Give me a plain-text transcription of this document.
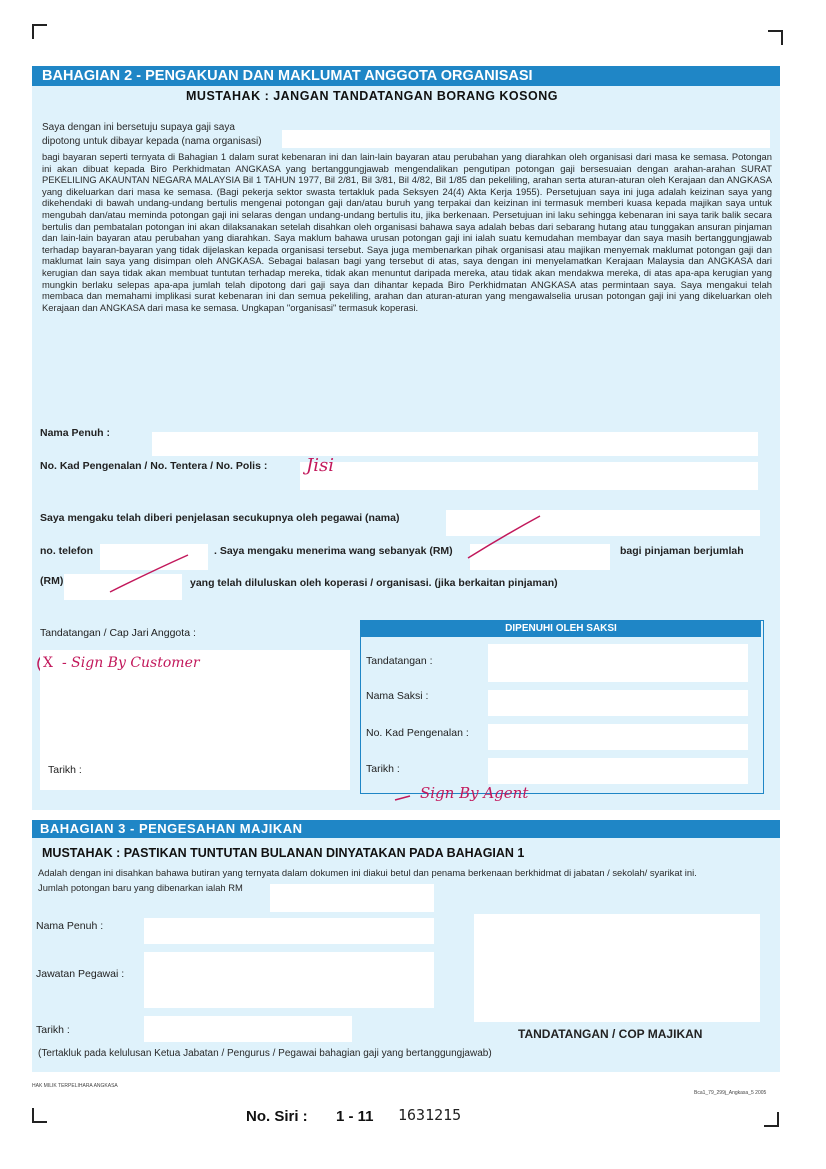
BAHAGIAN 2 - PENGAKUAN DAN MAKLUMAT ANGGOTA ORGANISASI
MUSTAHAK : JANGAN TANDATANGAN BORANG KOSONG
Saya dengan ini bersetuju supaya gaji saya
dipotong untuk dibayar kepada (nama organisasi)
bagi bayaran seperti ternyata di Bahagian 1 dalam surat kebenaran ini dan lain-lain bayaran atau perubahan yang diarahkan oleh organisasi dari masa ke semasa. Potongan ini akan dibuat kepada Biro Perkhidmatan ANGKASA yang bertanggungjawab mengendalikan pengutipan potongan gaji bersesuaian dengan arahan-arahan SURAT PEKELILING AKAUNTAN NEGARA MALAYSIA Bil 1 TAHUN 1977, Bil 2/81, Bil 3/81, Bil 4/82, Bil 1/85 dan pekeliling, arahan serta aturan-aturan oleh Kerajaan dan ANGKASA yang dikeluarkan dari masa ke semasa. (Bagi pekerja sektor swasta tertakluk pada Seksyen 24(4) Akta Kerja 1955). Persetujuan saya ini juga adalah keizinan saya yang dikehendaki di bawah undang-undang bertulis mengenai potongan gaji dan/atau buruh yang terpakai dan keizinan ini termasuk memberi kuasa kepada majikan saya untuk mengubah dan/atau meminda potongan gaji ini selaras dengan undang-undang bertulis itu, jika berkenaan. Persetujuan ini laku sehingga kebenaran ini saya tarik balik secara bertulis dan pembatalan potongan ini akan dilaksanakan setelah disahkan oleh organisasi bahawa saya adalah bebas dari sebarang hutang atau tunggakan ansuran pinjaman dan lain-lain bayaran atau perubahan yang diarahkan. Saya maklum bahawa urusan potongan gaji ini ialah suatu kemudahan membayar dan saya masih bertanggungjawab terhadap bayaran-bayaran yang tidak dijelaskan kepada organisasi tersebut. Saya juga membenarkan pihak organisasi atau majikan menyemak maklumat potongan gaji dan maklumat lain saya yang disimpan oleh ANGKASA. Sebagai balasan bagi yang tersebut di atas, saya dengan ini menyelamatkan Kerajaan Malaysia dan ANGKASA dari kerugian dan saya tidak akan membuat tuntutan terhadap mereka, tidak akan menuntut daripada mereka, atau tidak akan mendakwa mereka, di atas apa-apa kerugian yang mungkin berlaku selepas apa-apa jumlah telah dipotong dari gaji saya dan dihantar kepada Biro Perkhidmatan ANGKASA atas permintaan saya. Saya mengakui telah membaca dan memahami implikasi surat kebenaran ini dan semua pekeliling, arahan dan aturan-aturan yang mengawalselia urusan potongan gaji ini yang dikeluarkan oleh Kerajaan dan ANGKASA dari masa ke semasa. Ungkapan "organisasi" termasuk koperasi.
Nama Penuh :
No. Kad Pengenalan / No. Tentera / No. Polis : Jisi
Saya mengaku telah diberi penjelasan secukupnya oleh pegawai (nama)
no. telefon	. Saya mengaku menerima wang sebanyak (RM)	bagi pinjaman berjumlah
(RM)	yang telah diluluskan oleh koperasi / organisasi. (jika berkaitan pinjaman)
Tandatangan / Cap Jari Anggota :
X - Sign By Customer
Tarikh :
DIPENUHI OLEH SAKSI
Tandatangan :
Nama Saksi :
No. Kad Pengenalan :
Tarikh :
Sign By Agent
BAHAGIAN 3 - PENGESAHAN MAJIKAN
MUSTAHAK : PASTIKAN TUNTUTAN BULANAN DINYATAKAN PADA BAHAGIAN 1
Adalah dengan ini disahkan bahawa butiran yang ternyata dalam dokumen ini diakui betul dan penama berkenaan berkhidmat di jabatan / sekolah/ syarikat ini.
Jumlah potongan baru yang dibenarkan ialah RM
Nama Penuh :
Jawatan Pegawai :
Tarikh :	TANDATANGAN / COP MAJIKAN
(Tertakluk pada kelulusan Ketua Jabatan / Pengurus / Pegawai bahagian gaji yang bertanggungjawab)
HAK MILIK TERPELIHARA ANGKASA
Bca1_79_299j_Angkasa_5 2005
No. Siri : 1 - 11 1631215
